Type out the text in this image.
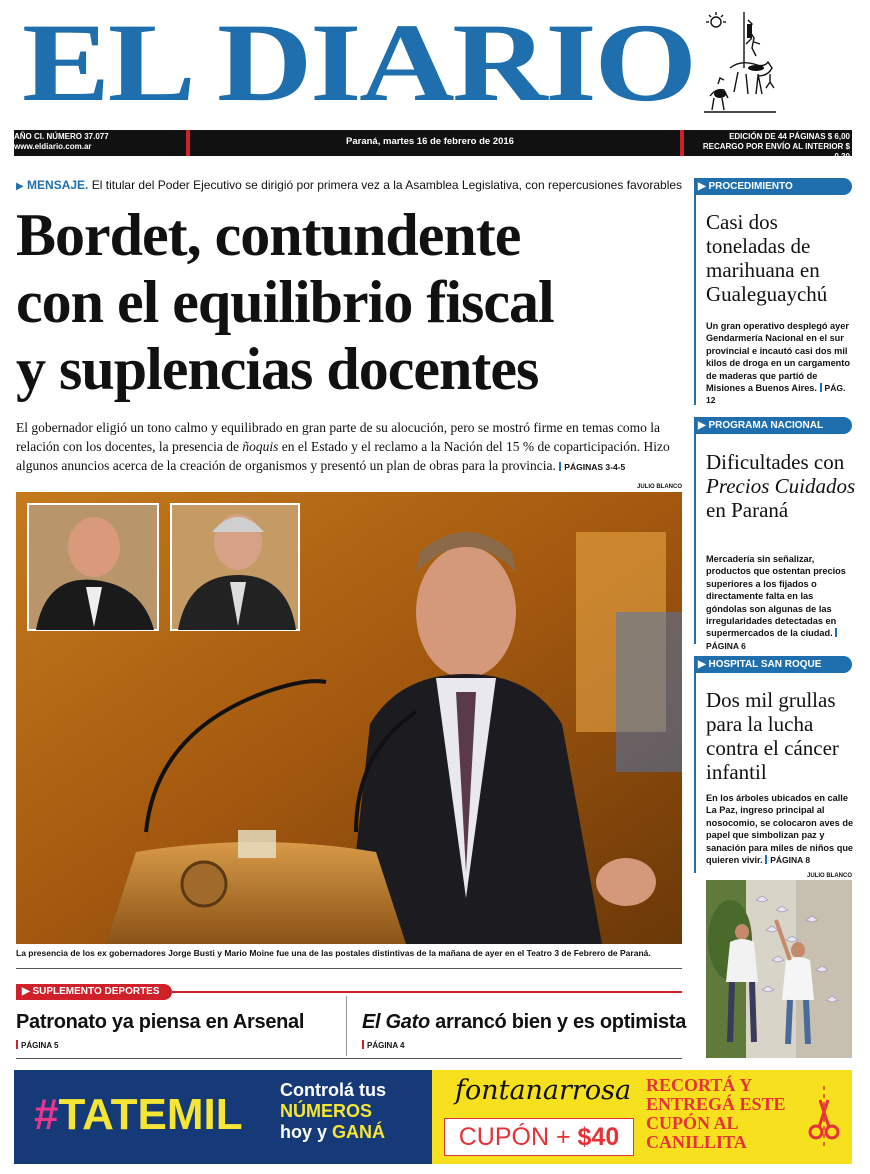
EL DIARIO
AÑO CI. NÚMERO 37.077
www.eldiario.com.ar	Paraná, martes 16 de febrero de 2016	EDICIÓN DE 44 PÁGINAS $ 6,00
RECARGO POR ENVÍO AL INTERIOR $ 0,30
▶ MENSAJE. El titular del Poder Ejecutivo se dirigió por primera vez a la Asamblea Legislativa, con repercusiones favorables
Bordet, contundente
con el equilibrio fiscal
y suplencias docentes
El gobernador eligió un tono calmo y equilibrado en gran parte de su alocución, pero se mostró firme en temas como la relación con los docentes, la presencia de ñoquis en el Estado y el reclamo a la Nación del 15 % de coparticipación. Hizo algunos anuncios acerca de la creación de organismos y presentó un plan de obras para la provincia. PÁGINAS 3-4-5
JULIO BLANCO
La presencia de los ex gobernadores Jorge Busti y Mario Moine fue una de las postales distintivas de la mañana de ayer en el Teatro 3 de Febrero de Paraná.
▶ SUPLEMENTO DEPORTES
Patronato ya piensa en Arsenal
PÁGINA 5
El Gato arrancó bien y es optimista
PÁGINA 4
#TATEMIL Controlá tus
NÚMEROS
hoy y GANÁ
fontanarrosa
CUPÓN + $40
RECORTÁ Y ENTREGÁ ESTE CUPÓN AL CANILLITA
▶ PROCEDIMIENTO
Casi dos toneladas de marihuana en Gualeguaychú
Un gran operativo desplegó ayer Gendarmería Nacional en el sur provincial e incautó casi dos mil kilos de droga en un cargamento de maderas que partió de Misiones a Buenos Aires. PÁG. 12
▶ PROGRAMA NACIONAL
Dificultades con Precios Cuidados en Paraná
Mercadería sin señalizar, productos que ostentan precios superiores a los fijados o directamente falta en las góndolas son algunas de las irregularidades detectadas en supermercados de la ciudad. PÁGINA 6
▶ HOSPITAL SAN ROQUE
Dos mil grullas para la lucha contra el cáncer infantil
En los árboles ubicados en calle La Paz, ingreso principal al nosocomio, se colocaron aves de papel que simbolizan paz y sanación para miles de niños que quieren vivir. PÁGINA 8
JULIO BLANCO
